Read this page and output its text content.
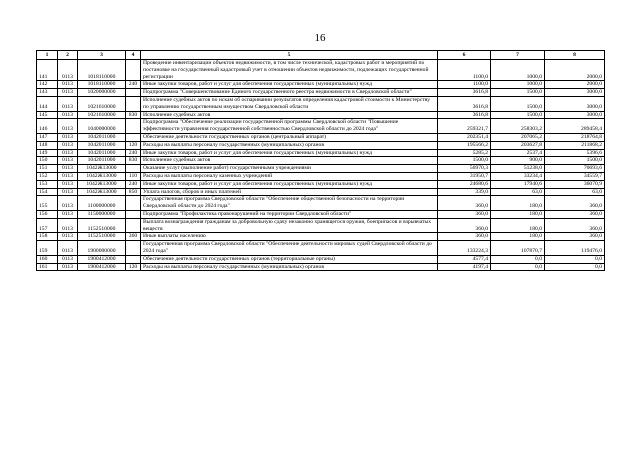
16
1	2	3	4	5	6	7	8
141	0113	1018110000		Проведение инвентаризации объектов недвижимости, в том числе технической, кадастровых работ и мероприятий по постановке на государственный кадастровый учет в отношении объектов недвижимости, подлежащих государственной регистрации	1100,0	1000,0	2000,0
142	0113	1018110000	240	Иные закупки товаров, работ и услуг для обеспечения государственных (муниципальных) нужд	1100,0	1000,0	2000,0
143	0113	1020000000		Подпрограмма "Совершенствование Единого государственного реестра недвижимости в Свердловской области"	3616,8	1500,0	3000,0
144	0113	1021610000		Исполнение судебных актов по искам об оспаривании результатов определения кадастровой стоимости к Министерству по управлению государственным имуществом Свердловской области	3616,8	1500,0	3000,0
145	0113	1021610000	830	Исполнение судебных актов	3616,8	1500,0	3000,0
146	0113	1040000000		Подпрограмма "Обеспечение реализации государственной программы Свердловской области "Повышение эффективности управления государственной собственностью Свердловской области до 2024 года"	259321,7	258303,2	289458,4
147	0113	1042011000		Обеспечение деятельности государственных органов (центральный аппарат)	202351,4	207065,2	218764,8
148	0113	1042011000	120	Расходы на выплаты персоналу государственных (муниципальных) органов	195566,2	203627,8	211868,2
149	0113	1042011000	240	Иные закупки товаров, работ и услуг для обеспечения государственных (муниципальных) нужд	5285,2	2537,4	5396,6
150	0113	1042011000	830	Исполнение судебных актов	1500,0	900,0	1500,0
151	0113	1042Ж13000		Оказание услуг (выполнение работ) государственными учреждениями	56970,3	51238,0	70693,6
152	0113	1042Ж13000	110	Расходы на выплаты персоналу казенных учреждений	31950,7	33234,4	34559,7
153	0113	1042Ж13000	240	Иные закупки товаров, работ и услуг для обеспечения государственных (муниципальных) нужд	24680,6	17940,6	36070,9
154	0113	1042Ж13000	850	Уплата налогов, сборов и иных платежей	339,0	63,0	63,0
155	0113	1100000000		Государственная программа Свердловской области "Обеспечение общественной безопасности на территории Свердловской области до 2024 года"	360,0	180,0	360,0
156	0113	1150000000		Подпрограмма "Профилактика правонарушений на территории Свердловской области"	360,0	180,0	360,0
157	0113	1152510000		Выплата вознаграждения гражданам за добровольную сдачу незаконно хранящегося оружия, боеприпасов и взрывчатых веществ	360,0	180,0	360,0
158	0113	1152510000	360	Иные выплаты населению	360,0	180,0	360,0
159	0113	1900000000		Государственная программа Свердловской области "Обеспечение деятельности мировых судей Свердловской области до 2024 года"	133224,3	107870,7	119476,0
160	0113	1900412000		Обеспечение деятельности государственных органов (территориальные органы)	4577,4	0,0	0,0
161	0113	1900412000	120	Расходы на выплаты персоналу государственных (муниципальных) органов	4197,4	0,0	0,0
